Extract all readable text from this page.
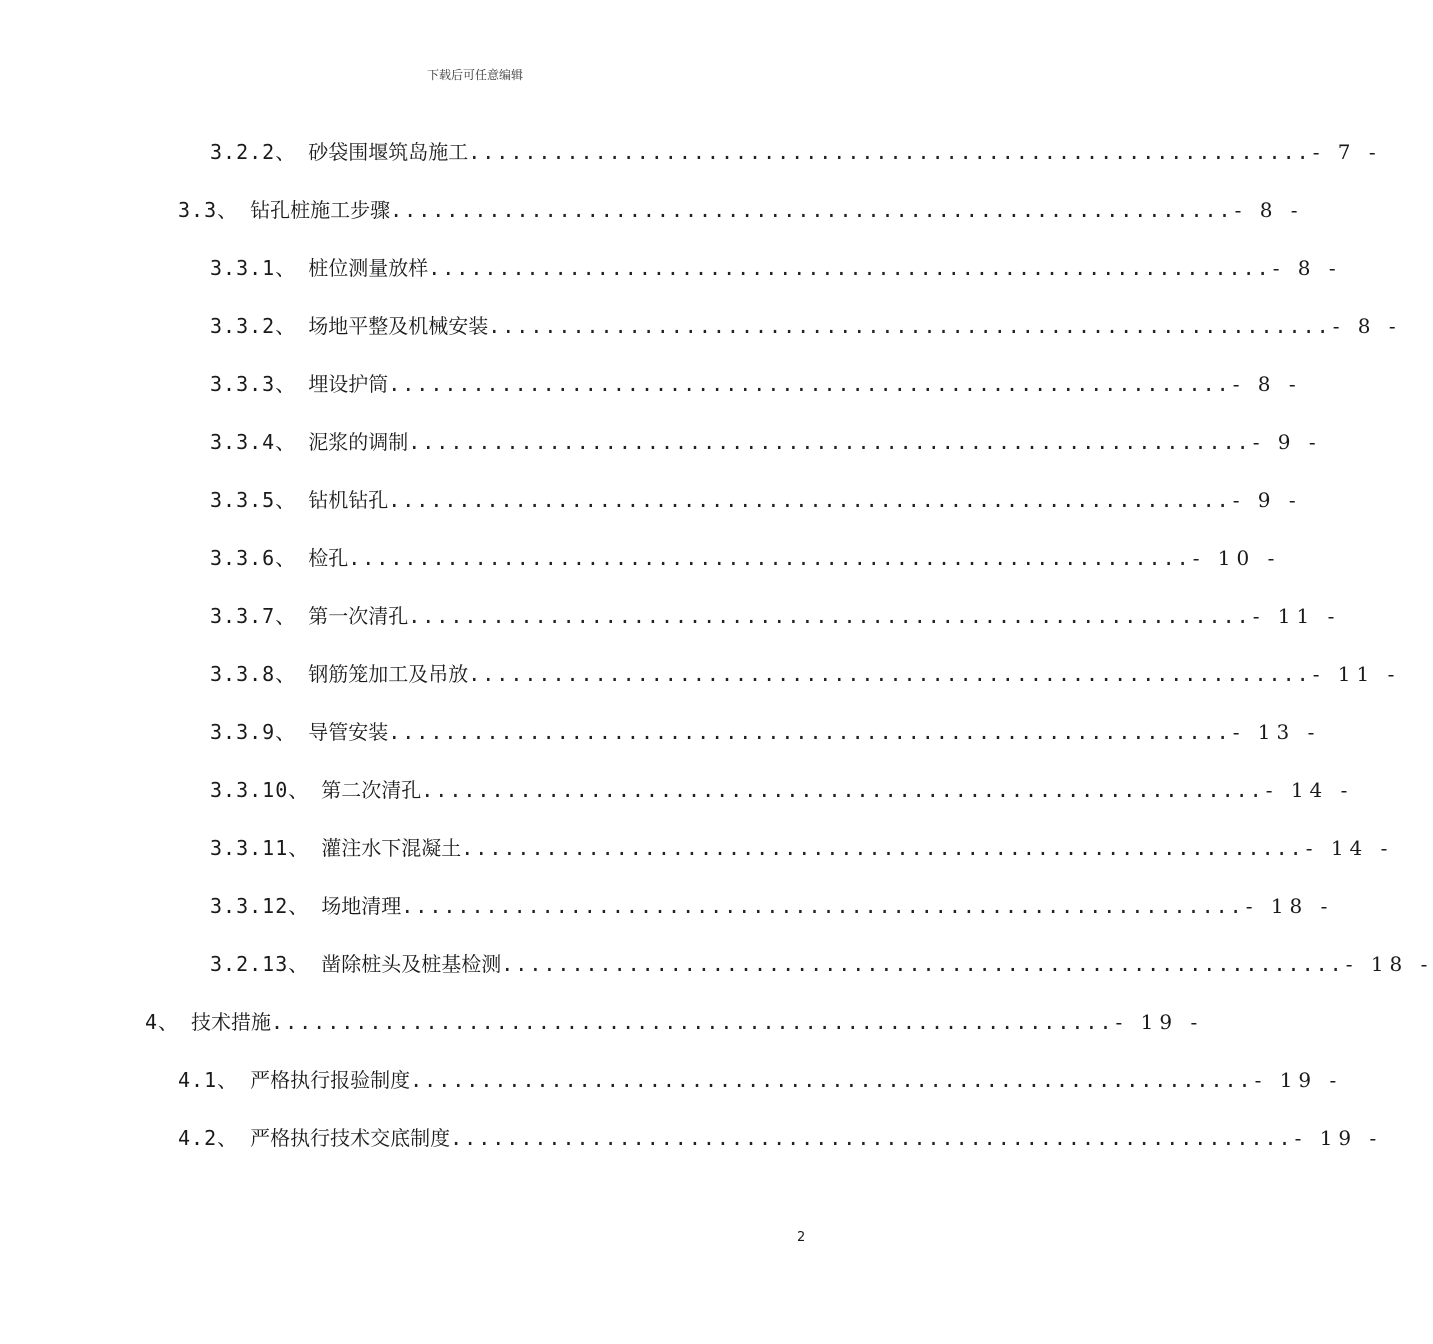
下载后可任意编辑
3.2.2、 砂袋围堰筑岛施工 ............................................................ - 7 -
3.3、 钻孔桩施工步骤 ............................................................ - 8 -
3.3.1、 桩位测量放样 ............................................................ - 8 -
3.3.2、 场地平整及机械安装 ............................................................ - 8 -
3.3.3、 埋设护筒 ............................................................ - 8 -
3.3.4、 泥浆的调制 ............................................................ - 9 -
3.3.5、 钻机钻孔 ............................................................ - 9 -
3.3.6、 检孔 ............................................................ - 10 -
3.3.7、 第一次清孔 ............................................................ - 11 -
3.3.8、 钢筋笼加工及吊放 ............................................................ - 11 -
3.3.9、 导管安装 ............................................................ - 13 -
3.3.10、 第二次清孔 ............................................................ - 14 -
3.3.11、 灌注水下混凝土 ............................................................ - 14 -
3.3.12、 场地清理 ............................................................ - 18 -
3.2.13、 凿除桩头及桩基检测 ............................................................ - 18 -
4、 技术措施 ............................................................ - 19 -
4.1、 严格执行报验制度 ............................................................ - 19 -
4.2、 严格执行技术交底制度 ............................................................ - 19 -
2
